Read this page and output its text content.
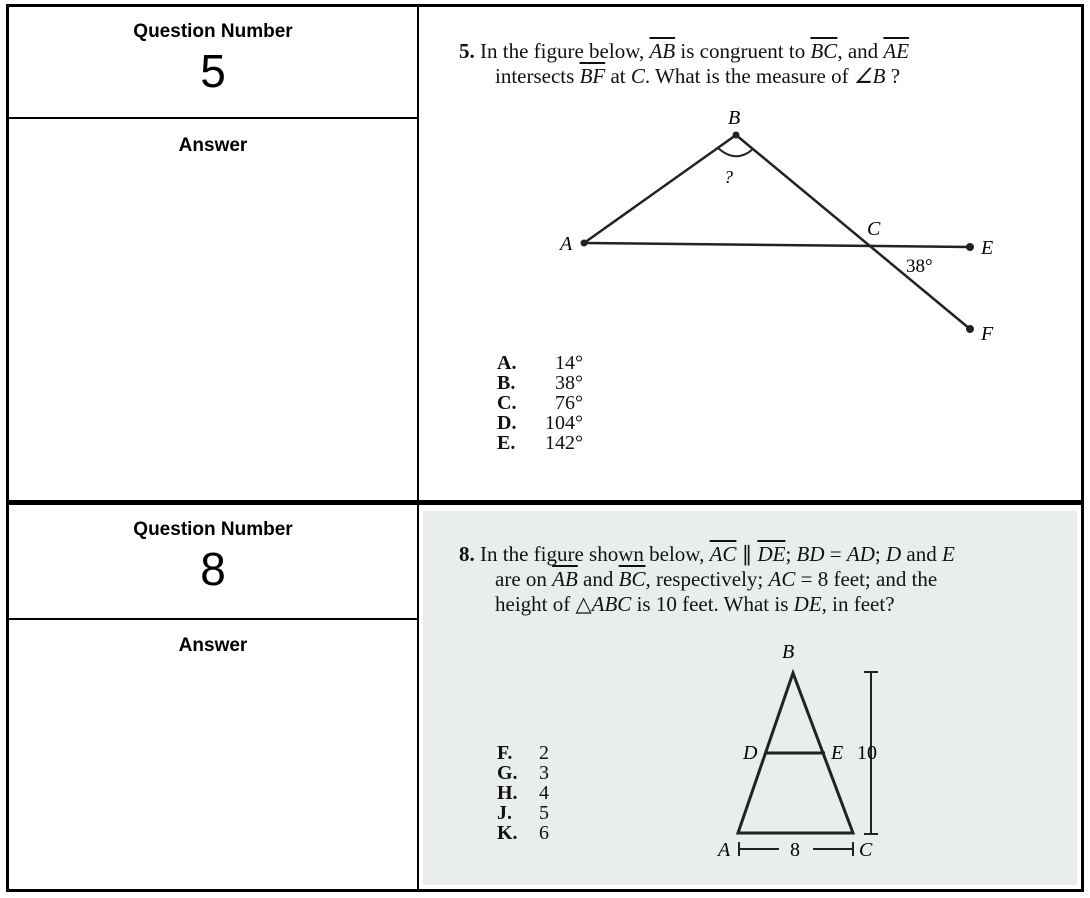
Question Number
5
Answer
5. In the figure below, $\overline{AB}$ is congruent to $\overline{BC}$, and $\overline{AE}$
intersects $\overline{BF}$ at C. What is the measure of ∠B ?
A
B
C
E
F
?
38°
A.	14°
B.	38°
C.	76°
D.	104°
E.	142°
Question Number
8
Answer
8. In the figure shown below, $\overline{AC}$ ∥ $\overline{DE}$; BD = AD; D and E
are on $\overline{AB}$ and $\overline{BC}$, respectively; AC = 8 feet; and the
height of △ABC is 10 feet. What is DE, in feet?
B
D	E 10
A	C
8
F.	2
G.	3
H.	4
J.	5
K.	6
